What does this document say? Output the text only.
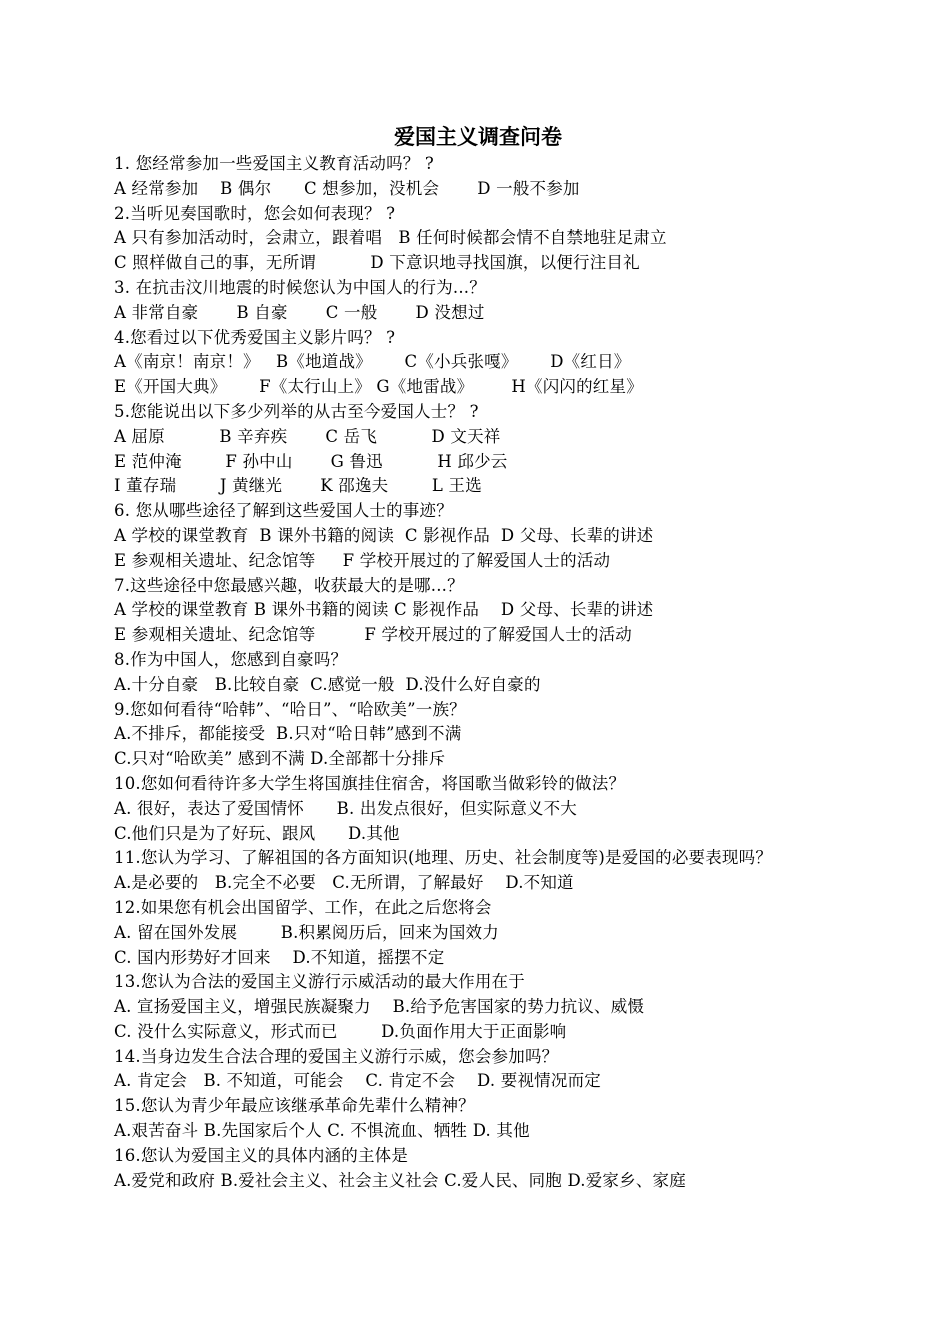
爱国主义调查问卷
1. 您经常参加一些爱国主义教育活动吗？ ?
A 经常参加    B 偶尔      C 想参加，没机会       D 一般不参加
2.当听见奏国歌时，您会如何表现？ ?
A 只有参加活动时，会肃立，跟着唱   B 任何时候都会情不自禁地驻足肃立
C 照样做自己的事，无所谓          D 下意识地寻找国旗，以便行注目礼
3. 在抗击汶川地震的时候您认为中国人的行为...？
A 非常自豪       B 自豪       C 一般       D 没想过
4.您看过以下优秀爱国主义影片吗？ ?
A《南京！南京！》   B《地道战》      C《小兵张嘎》      D《红日》
E《开国大典》      F《太行山上》 G《地雷战》       H《闪闪的红星》
5.您能说出以下多少列举的从古至今爱国人士？ ?
A 屈原          B 辛弃疾       C 岳飞          D 文天祥
E 范仲淹        F 孙中山       G 鲁迅          H 邱少云
I 董存瑞        J 黄继光       K 邵逸夫        L 王选
6. 您从哪些途径了解到这些爱国人士的事迹？
A 学校的课堂教育  B 课外书籍的阅读  C 影视作品  D 父母、长辈的讲述
E 参观相关遗址、纪念馆等     F 学校开展过的了解爱国人士的活动
7.这些途径中您最感兴趣，收获最大的是哪...？
A 学校的课堂教育 B 课外书籍的阅读 C 影视作品    D 父母、长辈的讲述
E 参观相关遗址、纪念馆等         F 学校开展过的了解爱国人士的活动
8.作为中国人，您感到自豪吗？
A.十分自豪   B.比较自豪  C.感觉一般  D.没什么好自豪的
9.您如何看待“哈韩”、“哈日”、“哈欧美”一族？
A.不排斥，都能接受  B.只对“哈日韩”感到不满
C.只对“哈欧美” 感到不满 D.全部都十分排斥
10.您如何看待许多大学生将国旗挂住宿舍，将国歌当做彩铃的做法？
A. 很好，表达了爱国情怀      B. 出发点很好，但实际意义不大
C.他们只是为了好玩、跟风      D.其他
11.您认为学习、了解祖国的各方面知识(地理、历史、社会制度等)是爱国的必要表现吗？
A.是必要的   B.完全不必要   C.无所谓，了解最好    D.不知道
12.如果您有机会出国留学、工作，在此之后您将会
A. 留在国外发展        B.积累阅历后，回来为国效力
C. 国内形势好才回来    D.不知道，摇摆不定
13.您认为合法的爱国主义游行示威活动的最大作用在于
A. 宣扬爱国主义，增强民族凝聚力    B.给予危害国家的势力抗议、威慑
C. 没什么实际意义，形式而已        D.负面作用大于正面影响
14.当身边发生合法合理的爱国主义游行示威，您会参加吗？
A. 肯定会   B. 不知道，可能会    C. 肯定不会    D. 要视情况而定
15.您认为青少年最应该继承革命先辈什么精神？
A.艰苦奋斗 B.先国家后个人 C. 不惧流血、牺牲 D. 其他
16.您认为爱国主义的具体内涵的主体是
A.爱党和政府 B.爱社会主义、社会主义社会 C.爱人民、同胞 D.爱家乡、家庭
